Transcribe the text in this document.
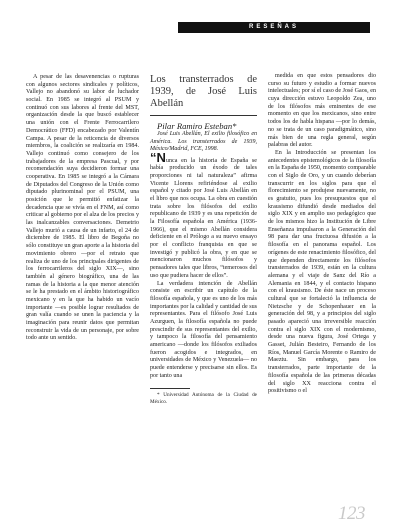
RESEÑAS

A pesar de las desavenencias o rupturas con algunos sectores sindicales y políticos, Vallejo no abandonó su labor de luchador social. En 1985 se integró al PSUM y continuó con sus labores al frente del MST, organización desde la que buscó establecer una unión con el Frente Ferrocarrilero Democrático (FFD) encabezado por Valentín Campa. A pesar de la reticencia de diversos miembros, la coalición se realizaría en 1984. Vallejo continuó como consejero de los trabajadores de la empresa Pascual, y por recomendación suya decidieron formar una cooperativa. En 1985 se integró a la Cámara de Diputados del Congreso de la Unión como diputado plurinominal por el PSUM, una posición que le permitió enfatizar la decadencia que se vivía en el FNM, así como criticar al gobierno por el alza de los precios y las inalcanzables conversaciones. Demetrio Vallejo murió a causa de un infarto, el 24 de diciembre de 1985. El libro de Begoña no sólo constituye un gran aporte a la historia del movimiento obrero —por el retrato que realiza de uno de los principales dirigentes de los ferrocarrileros del siglo XIX—, sino también al género biográfico, una de las ramas de la historia a la que menor atención se le ha prestado en el ámbito historiográfico mexicano y en la que ha habido un vacío importante —es posible lograr resultados de gran valía cuando se unen la paciencia y la imaginación para reunir datos que permitan reconstruir la vida de un personaje, por sobre todo ante un sentido.

Los transterrados de 1939, de José Luis Abellán

Pilar Ramiro Esteban*

José Luis Abellán, El exilio filosófico en América. Los transterrados de 1939, México/Madrid, FCE, 1998.

“Nunca en la historia de España se había producido un éxodo de tales proporciones ni tal naturaleza” afirma Vicente Llorens refiriéndose al exilio español y citado por José Luis Abellán en el libro que nos ocupa. La obra en cuestión trata sobre los filósofos del exilio republicano de 1939 y es una repetición de la Filosofía española en América (1936-1966), que el mismo Abellán considera deficiente en el Prólogo a su nuevo ensayo por el conflicto franquista en que se investigó y publicó la obra, y en que se mencionaron muchos filósofos y pensadores tales que libros, “temerosos del uso que pudiera hacer de ellos”.

La verdadera intención de Abellán consiste en escribir un capítulo de la filosofía española, y que es uno de los más importantes por la calidad y cantidad de sus representantes. Para el filósofo José Luis Azurguen, la filosofía española no puede prescindir de sus representantes del exilio, y tampoco la filosofía del pensamiento americano —donde los filósofos exiliados fueron acogidos e integrados, en universidades de México y Venezuela— no puede entenderse y precisarse sin ellos. Es por tanto una

* Universidad Autónoma de la Ciudad de México.

medida en que estos pensadores dio curso su futuro y estudio a formar nuevos intelectuales; por sí el caso de José Gaos, en cuya dirección estuvo Leopoldo Zea, uno de los filósofos más eminentes de ese momento en que los mexicanos, sino entre todos los de habla hispana —por lo demás, no se trata de un caso paradigmático, sino más bien de una regla general, según palabras del autor.

En la Introducción se presentan los antecedentes epistemológicos de la filosofía en la España de 1950, momento comparable con el Siglo de Oro, y un cuando deberían transcurrir en los siglos para que el florecimiento se produjese nuevamente, no es gratuito, pues los presupuestos que el krausismo difundió desde mediados del siglo XIX y en amplio uso pedagógico que de los mismos hizo la Institución de Libre Enseñanza impulsaron a la Generación del 98 para dar una fructuosa difusión a la filosofía en el panorama español. Los orígenes de este renacimiento filosófico, del que dependen directamente los filósofos transterrados de 1939, están en la cultura alemana y el viaje de Sanz del Río a Alemania en 1844, y el contacto hispano con el krausismo. De éste nace un proceso cultural que se fortaleció la influencia de Nietzsche y de Schopenhauer en la generación del 98, y a principios del siglo pasado apareció una irreversible reacción contra el siglo XIX con el modernismo, desde una nueva figura, José Ortega y Gasset, Julián Besteiro, Fernando de los Ríos, Manuel García Morente o Ramiro de Maeztu. Sin embargo, para los transterrados, parte importante de la filosofía española de las primeras décadas del siglo XX reacciona contra el positivismo o el

123
